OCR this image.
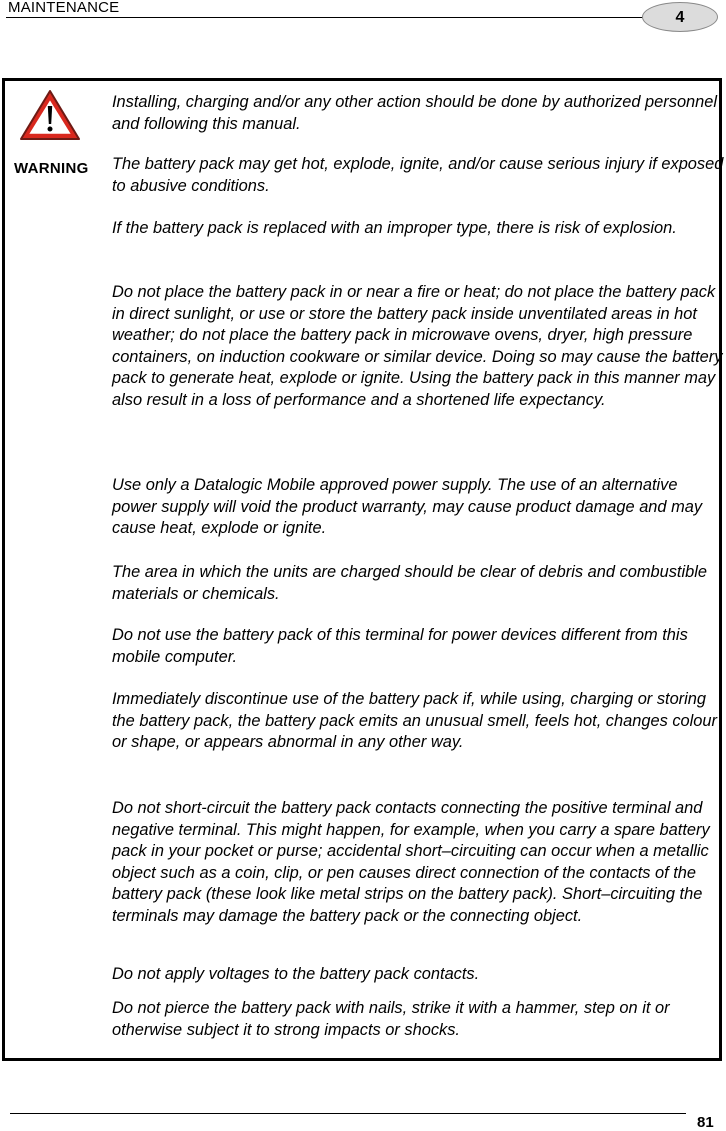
MAINTENANCE
4
WARNING

Installing, charging and/or any other action should be done by authorized personnel and following this manual.

The battery pack may get hot, explode, ignite, and/or cause serious injury if exposed to abusive conditions.

If the battery pack is replaced with an improper type, there is risk of explosion.

Do not place the battery pack in or near a fire or heat; do not place the battery pack in direct sunlight, or use or store the battery pack inside unventilated areas in hot weather; do not place the battery pack in microwave ovens, dryer, high pressure containers, on induction cookware or similar device. Doing so may cause the battery pack to generate heat, explode or ignite. Using the battery pack in this manner may also result in a loss of performance and a shortened life expectancy.

Use only a Datalogic Mobile approved power supply. The use of an alternative power supply will void the product warranty, may cause product damage and may cause heat, explode or ignite.

The area in which the units are charged should be clear of debris and combustible materials or chemicals.

Do not use the battery pack of this terminal for power devices different from this mobile computer.

Immediately discontinue use of the battery pack if, while using, charging or storing the battery pack, the battery pack emits an unusual smell, feels hot, changes colour or shape, or appears abnormal in any other way.

Do not short-circuit the battery pack contacts connecting the positive terminal and negative terminal. This might happen, for example, when you carry a spare battery pack in your pocket or purse; accidental short–circuiting can occur when a metallic object such as a coin, clip, or pen causes direct connection of the contacts of the battery pack (these look like metal strips on the battery pack). Short–circuiting the terminals may damage the battery pack or the connecting object.

Do not apply voltages to the battery pack contacts.

Do not pierce the battery pack with nails, strike it with a hammer, step on it or otherwise subject it to strong impacts or shocks.

81
